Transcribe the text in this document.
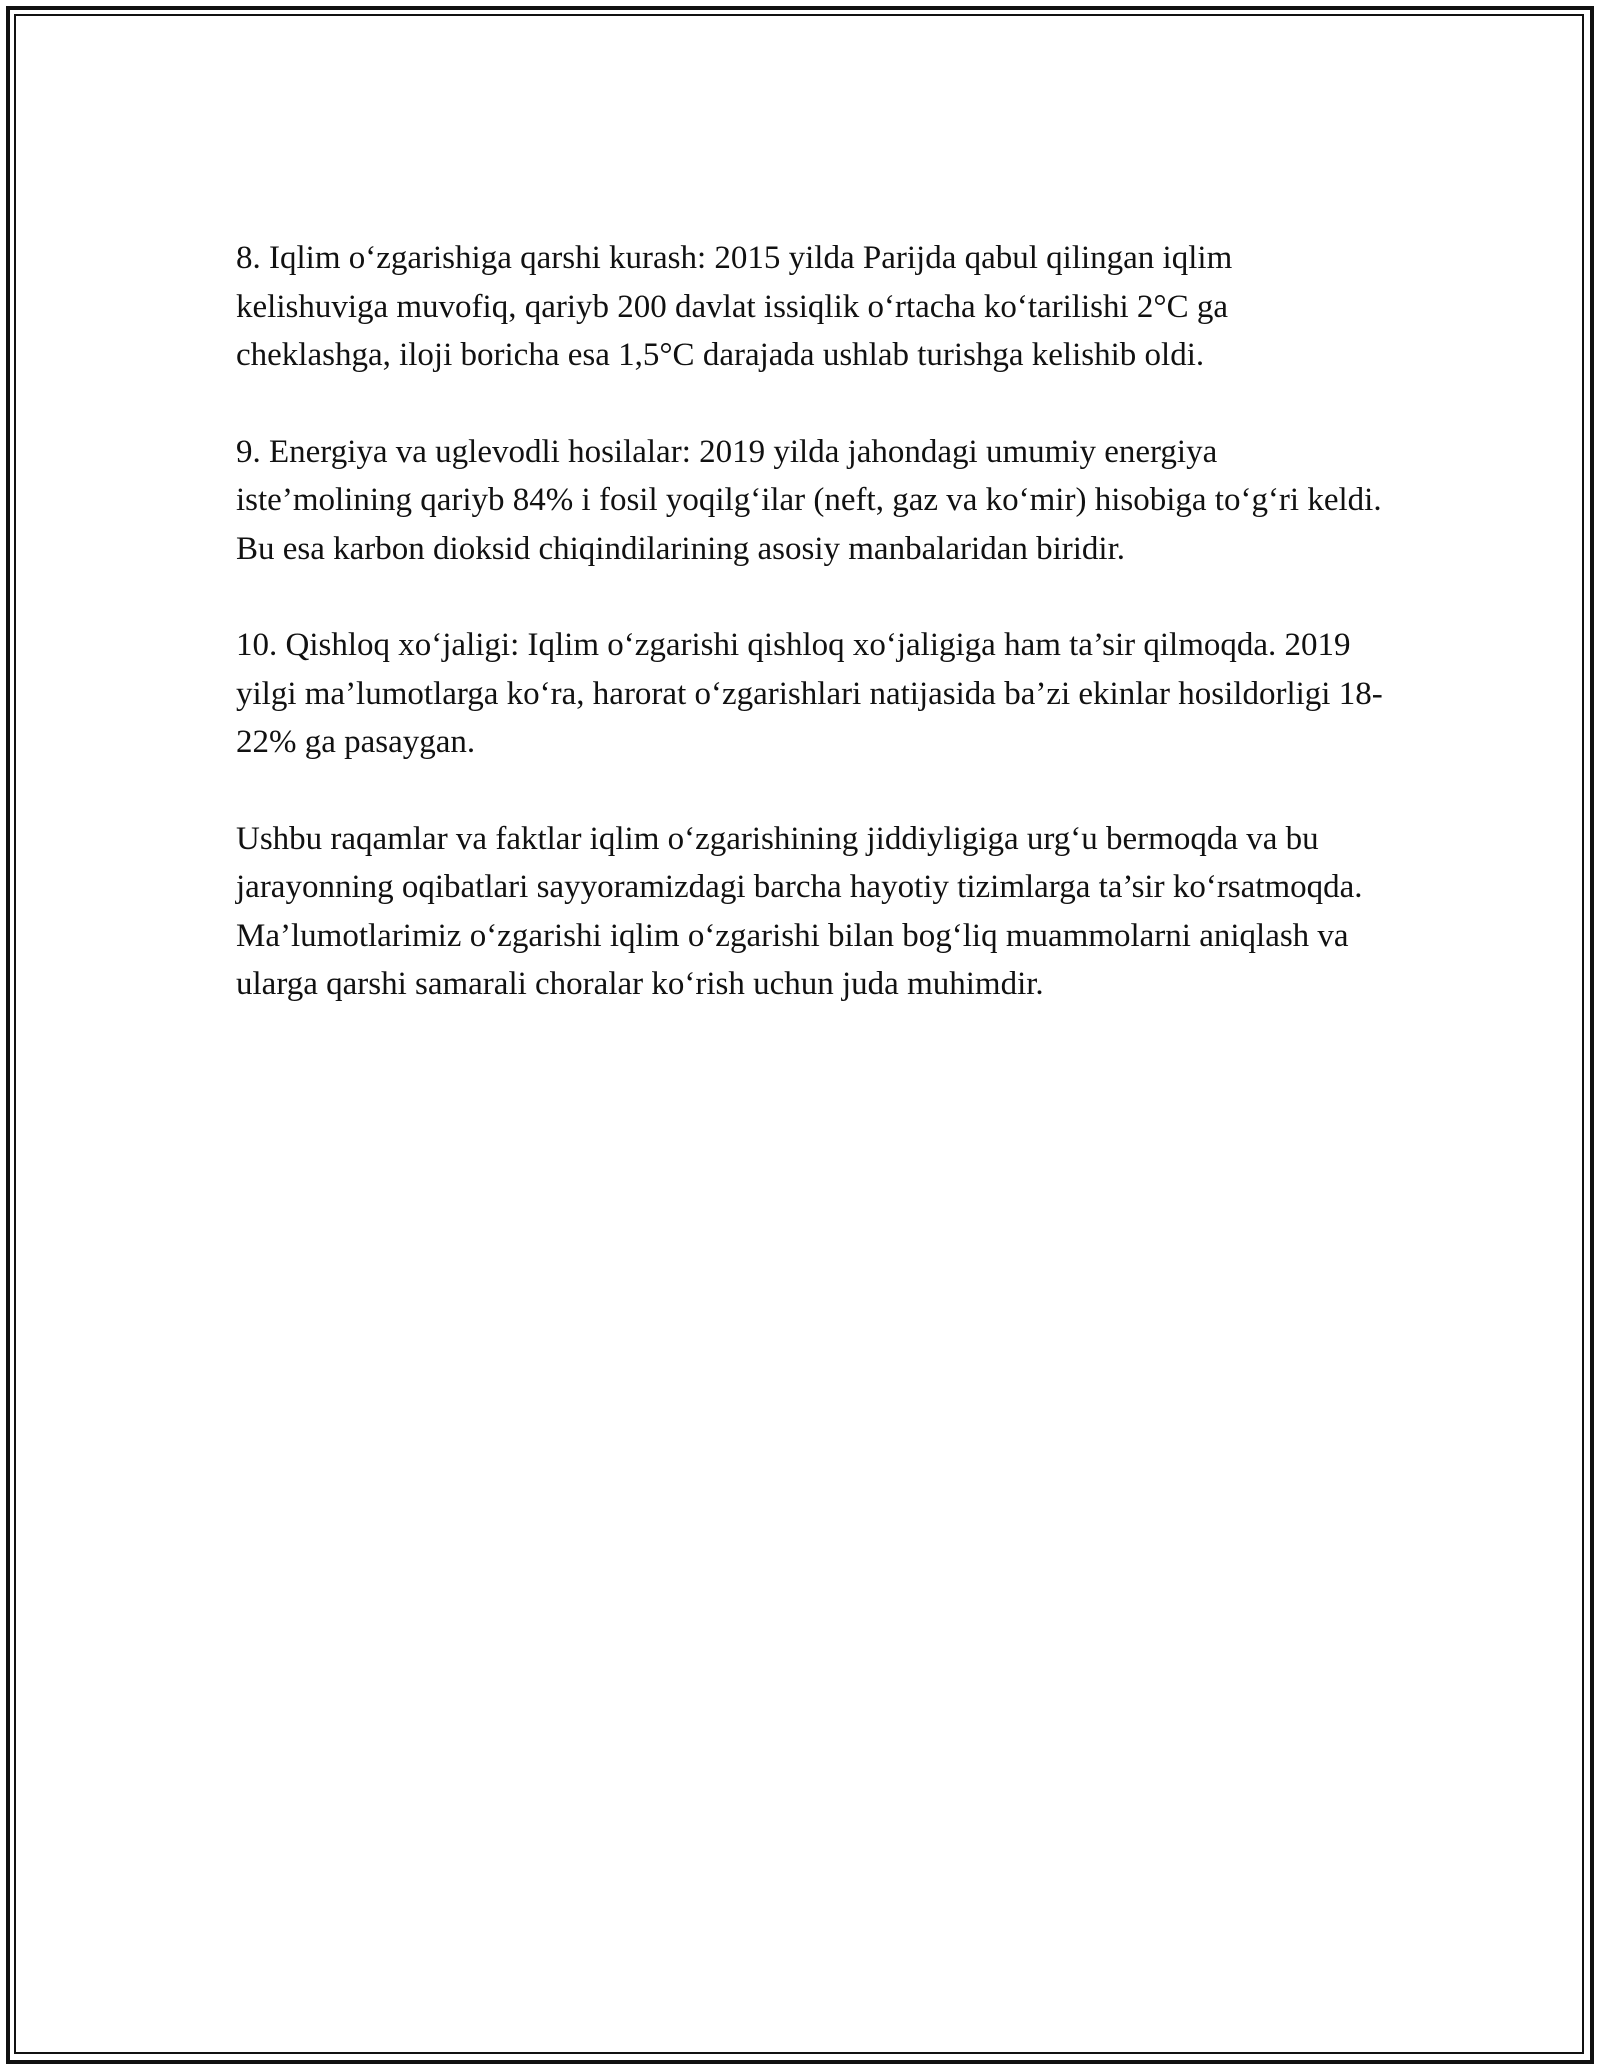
8. Iqlim o‘zgarishiga qarshi kurash: 2015 yilda Parijda qabul qilingan iqlim kelishuviga muvofiq, qariyb 200 davlat issiqlik o‘rtacha ko‘tarilishi 2°C ga cheklashga, iloji boricha esa 1,5°C darajada ushlab turishga kelishib oldi.

9. Energiya va uglevodli hosilalar: 2019 yilda jahondagi umumiy energiya iste’molining qariyb 84% i fosil yoqilg‘ilar (neft, gaz va ko‘mir) hisobiga to‘g‘ri keldi. Bu esa karbon dioksid chiqindilarining asosiy manbalaridan biridir.

10. Qishloq xo‘jaligi: Iqlim o‘zgarishi qishloq xo‘jaligiga ham ta’sir qilmoqda. 2019 yilgi ma’lumotlarga ko‘ra, harorat o‘zgarishlari natijasida ba’zi ekinlar hosildorligi 18-22% ga pasaygan.

Ushbu raqamlar va faktlar iqlim o‘zgarishining jiddiyligiga urg‘u bermoqda va bu jarayonning oqibatlari sayyoramizdagi barcha hayotiy tizimlarga ta’sir ko‘rsatmoqda. Ma’lumotlarimiz o‘zgarishi iqlim o‘zgarishi bilan bog‘liq muammolarni aniqlash va ularga qarshi samarali choralar ko‘rish uchun juda muhimdir.
